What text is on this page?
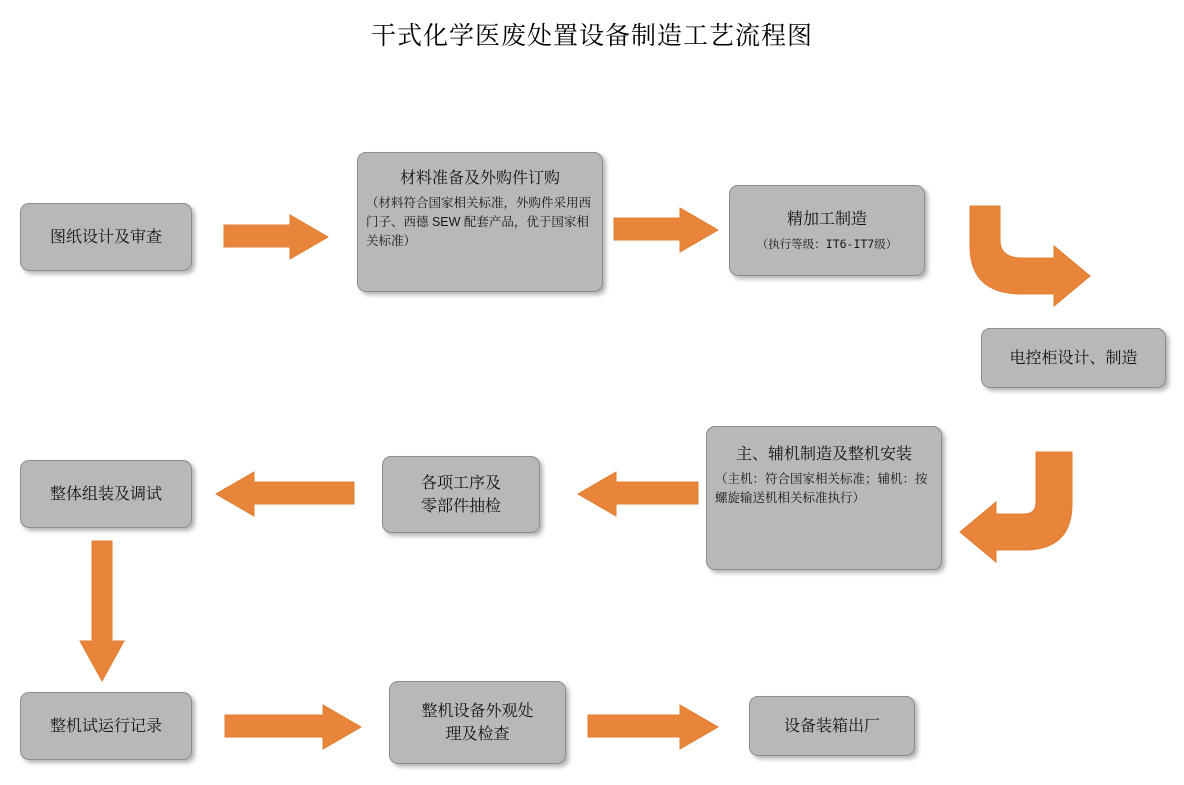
干式化学医废处置设备制造工艺流程图
图纸设计及审查
材料准备及外购件订购
（材料符合国家相关标准，外购件采用西门子、西德 SEW 配套产品，优于国家相关标准）
精加工制造
（执行等级：IT6-IT7级）
电控柜设计、制造
主、辅机制造及整机安装
（主机：符合国家相关标准；辅机：按螺旋输送机相关标准执行）
各项工序及
零部件抽检
整体组装及调试
整机试运行记录
整机设备外观处
理及检查	设备装箱出厂
